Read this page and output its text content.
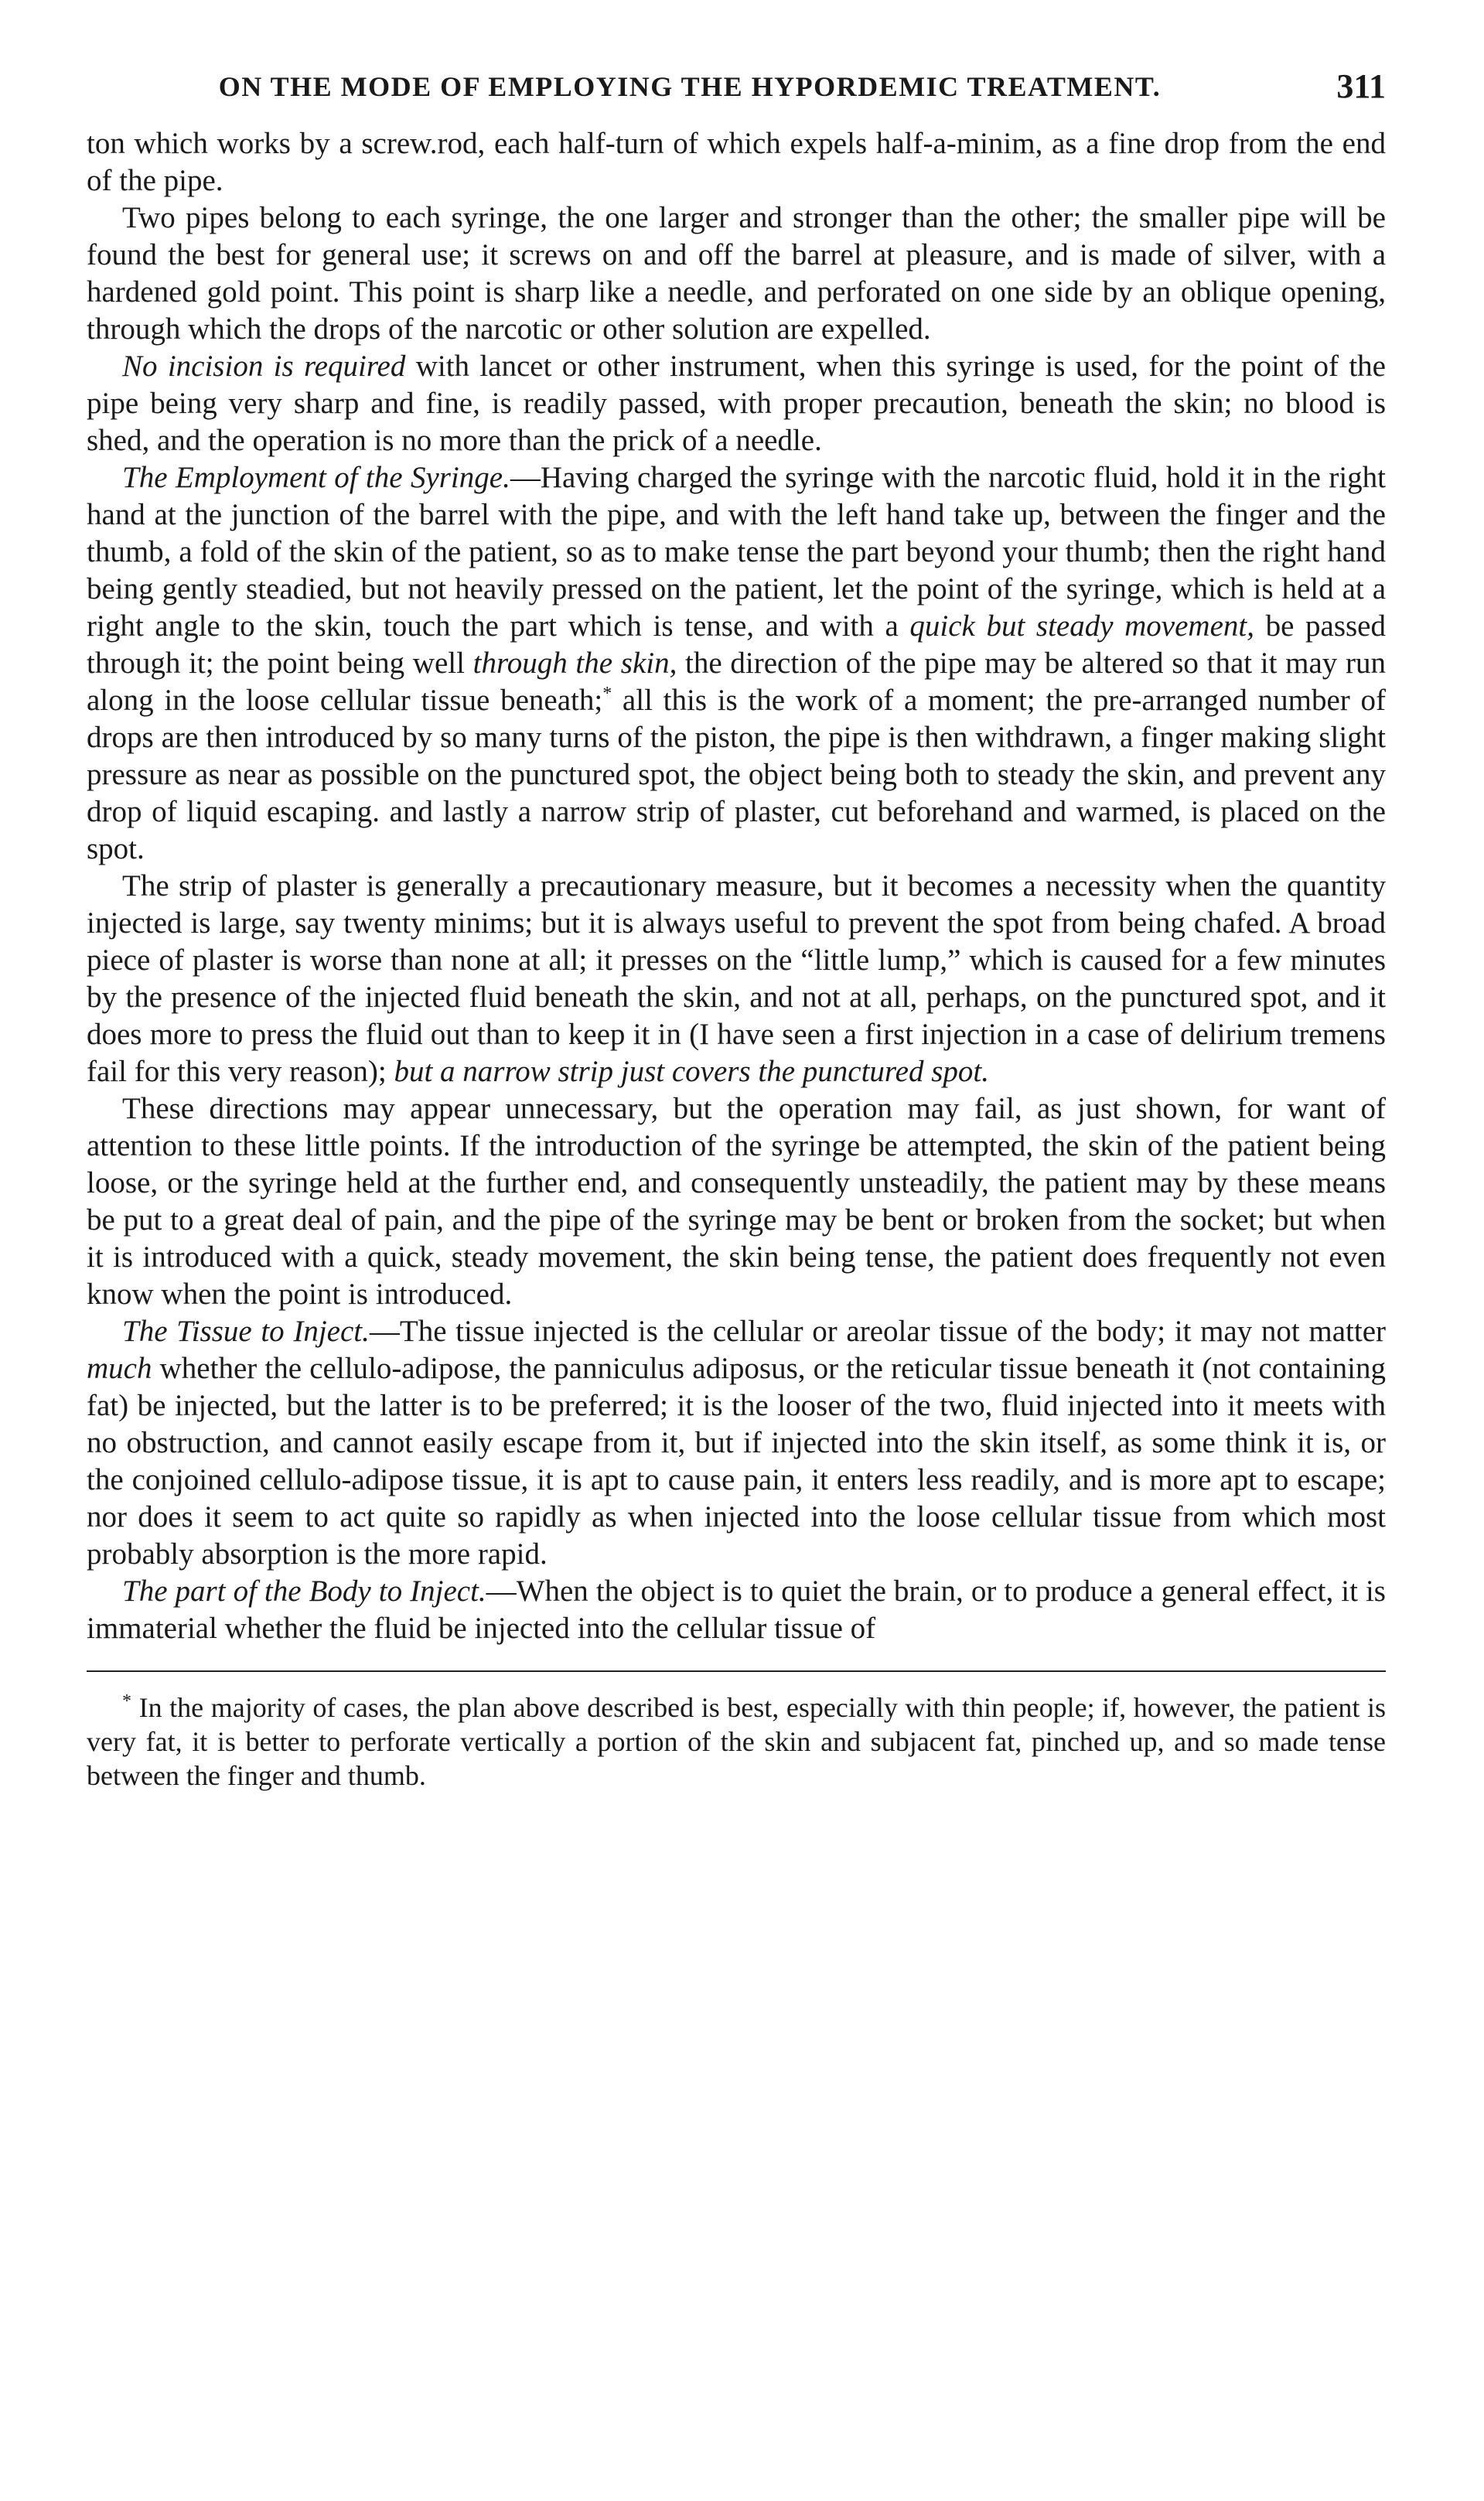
ON THE MODE OF EMPLOYING THE HYPORDEMIC TREATMENT.	311

ton which works by a screw.rod, each half-turn of which expels half-a-minim, as a fine drop from the end of the pipe.

Two pipes belong to each syringe, the one larger and stronger than the other; the smaller pipe will be found the best for general use; it screws on and off the barrel at pleasure, and is made of silver, with a hardened gold point. This point is sharp like a needle, and perforated on one side by an oblique opening, through which the drops of the narcotic or other solution are expelled.

No incision is required with lancet or other instrument, when this syringe is used, for the point of the pipe being very sharp and fine, is readily passed, with proper precaution, beneath the skin; no blood is shed, and the operation is no more than the prick of a needle.

The Employment of the Syringe.—Having charged the syringe with the narcotic fluid, hold it in the right hand at the junction of the barrel with the pipe, and with the left hand take up, between the finger and the thumb, a fold of the skin of the patient, so as to make tense the part beyond your thumb; then the right hand being gently steadied, but not heavily pressed on the patient, let the point of the syringe, which is held at a right angle to the skin, touch the part which is tense, and with a quick but steady movement, be passed through it; the point being well through the skin, the direction of the pipe may be altered so that it may run along in the loose cellular tissue beneath;* all this is the work of a moment; the pre-arranged number of drops are then introduced by so many turns of the piston, the pipe is then withdrawn, a finger making slight pressure as near as possible on the punctured spot, the object being both to steady the skin, and prevent any drop of liquid escaping. and lastly a narrow strip of plaster, cut beforehand and warmed, is placed on the spot.

The strip of plaster is generally a precautionary measure, but it becomes a necessity when the quantity injected is large, say twenty minims; but it is always useful to prevent the spot from being chafed. A broad piece of plaster is worse than none at all; it presses on the “little lump,” which is caused for a few minutes by the presence of the injected fluid beneath the skin, and not at all, perhaps, on the punctured spot, and it does more to press the fluid out than to keep it in (I have seen a first injection in a case of delirium tremens fail for this very reason); but a narrow strip just covers the punctured spot.

These directions may appear unnecessary, but the operation may fail, as just shown, for want of attention to these little points. If the introduction of the syringe be attempted, the skin of the patient being loose, or the syringe held at the further end, and consequently unsteadily, the patient may by these means be put to a great deal of pain, and the pipe of the syringe may be bent or broken from the socket; but when it is introduced with a quick, steady movement, the skin being tense, the patient does frequently not even know when the point is introduced.

The Tissue to Inject.—The tissue injected is the cellular or areolar tissue of the body; it may not matter much whether the cellulo-adipose, the panniculus adiposus, or the reticular tissue beneath it (not containing fat) be injected, but the latter is to be preferred; it is the looser of the two, fluid injected into it meets with no obstruction, and cannot easily escape from it, but if injected into the skin itself, as some think it is, or the conjoined cellulo-adipose tissue, it is apt to cause pain, it enters less readily, and is more apt to escape; nor does it seem to act quite so rapidly as when injected into the loose cellular tissue from which most probably absorption is the more rapid.

The part of the Body to Inject.—When the object is to quiet the brain, or to produce a general effect, it is immaterial whether the fluid be injected into the cellular tissue of

* In the majority of cases, the plan above described is best, especially with thin people; if, however, the patient is very fat, it is better to perforate vertically a portion of the skin and subjacent fat, pinched up, and so made tense between the finger and thumb.
